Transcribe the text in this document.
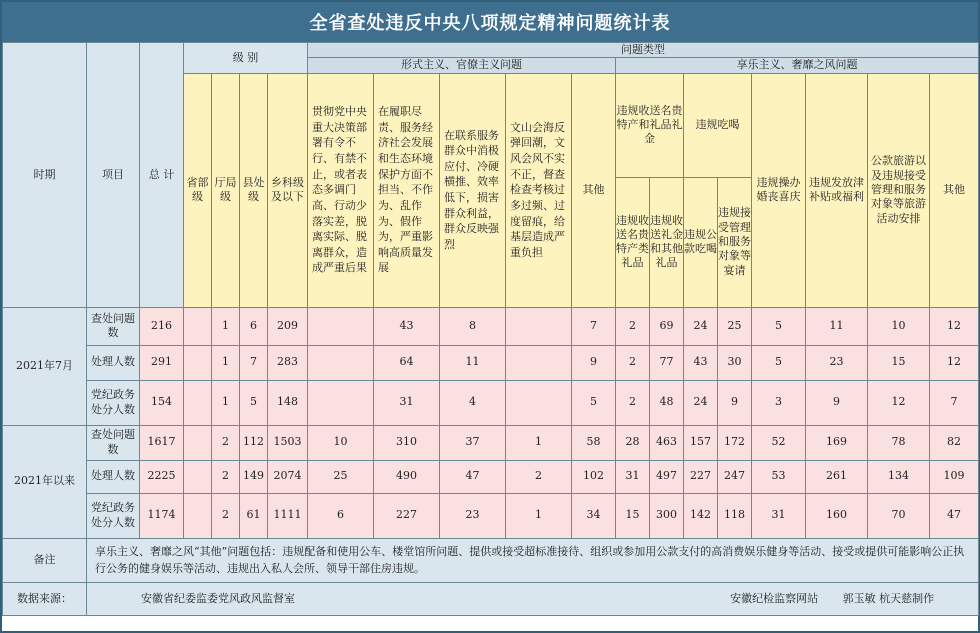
全省查处违反中央八项规定精神问题统计表
时期	项目	总 计	级 别				问题类型												
							形式主义、官僚主义问题					享乐主义、奢靡之风问题							
			省部级	厅局级	县处级	乡科级及以下	贯彻党中央重大决策部署有令不行、有禁不止，或者表态多调门高、行动少落实差，脱离实际、脱离群众，造成严重后果	在履职尽责、服务经济社会发展和生态环境保护方面不担当、不作为、乱作为、假作为，严重影响高质量发展	在联系服务群众中消极应付、冷硬横推、效率低下，损害群众利益，群众反映强烈	文山会海反弹回潮，文风会风不实不正，督查检查考核过多过频、过度留痕，给基层造成严重负担	其他	违规收送名贵特产和礼品礼金		违规吃喝		违规操办婚丧喜庆	违规发放津补贴或福利	公款旅游以及违规接受管理和服务对象等旅游活动安排	其他
												违规收送名贵特产类礼品	违规收送礼金和其他礼品	违规公款吃喝	违规接受管理和服务对象等宴请				
2021年7月	查处问题数	216		1	6	209		43	8		7	2	69	24	25	5	11	10	12
	处理人数	291		1	7	283		64	11		9	2	77	43	30	5	23	15	12
	党纪政务处分人数	154		1	5	148		31	4		5	2	48	24	9	3	9	12	7
2021年以来	查处问题数	1617		2	112	1503	10	310	37	1	58	28	463	157	172	52	169	78	82
	处理人数	2225		2	149	2074	25	490	47	2	102	31	497	227	247	53	261	134	109
	党纪政务处分人数	1174		2	61	1111	6	227	23	1	34	15	300	142	118	31	160	70	47
备注	享乐主义、奢靡之风“其他”问题包括：违规配备和使用公车、楼堂馆所问题、提供或接受超标准接待、组织或参加用公款支付的高消费娱乐健身等活动、接受或提供可能影响公正执行公务的健身娱乐等活动、违规出入私人会所、领导干部住房违规。																		
数据来源：	安徽省纪委监委党风政风监督室 安徽纪检监察网站 郭玉敏 杭天慈制作																		
